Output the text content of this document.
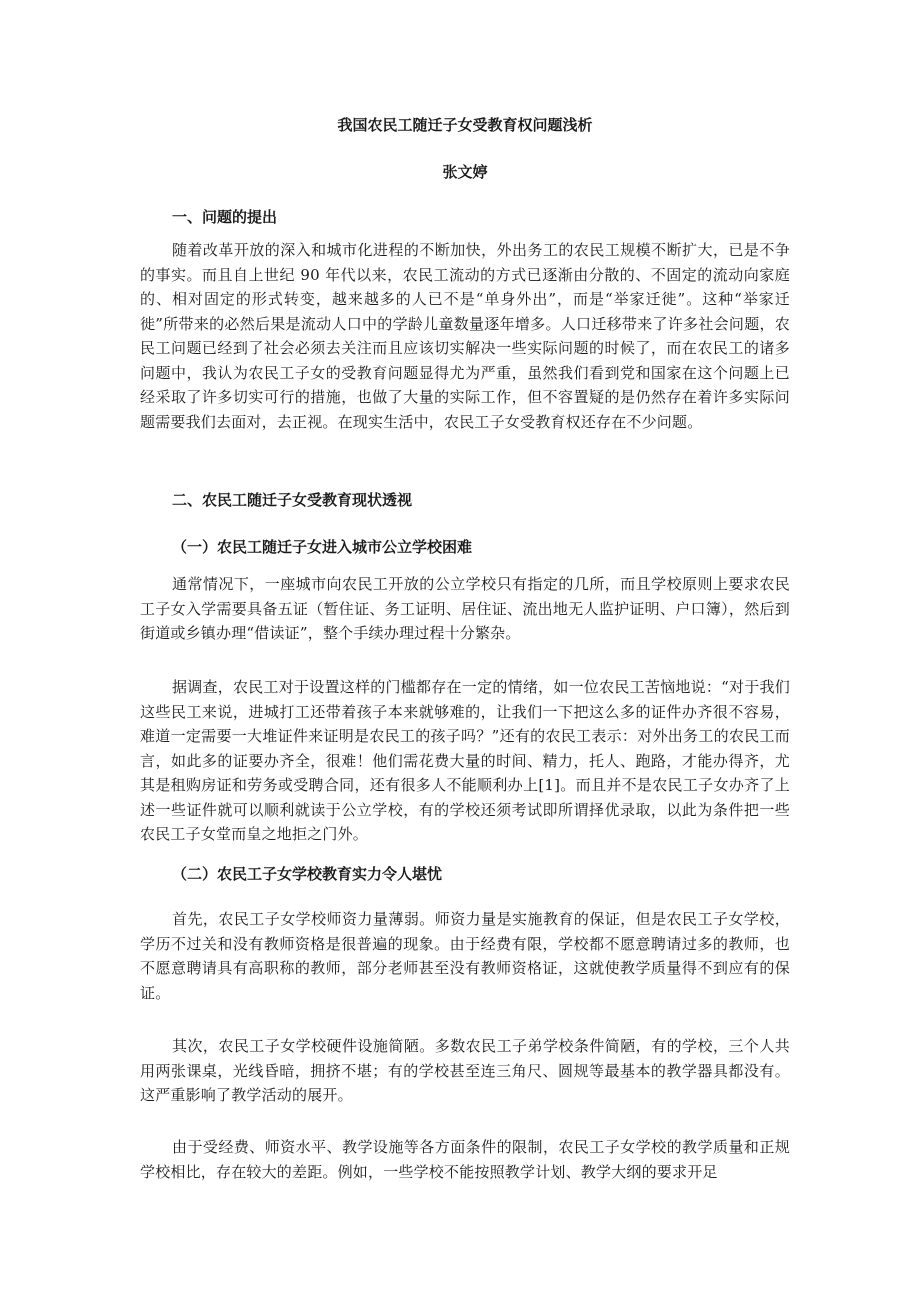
我国农民工随迁子女受教育权问题浅析
张文婷
一、问题的提出

随着改革开放的深入和城市化进程的不断加快，外出务工的农民工规模不断扩大，已是不争的事实。而且自上世纪 90 年代以来，农民工流动的方式已逐渐由分散的、不固定的流动向家庭的、相对固定的形式转变，越来越多的人已不是“单身外出”，而是“举家迁徙”。这种“举家迁徙”所带来的必然后果是流动人口中的学龄儿童数量逐年增多。人口迁移带来了许多社会问题，农民工问题已经到了社会必须去关注而且应该切实解决一些实际问题的时候了，而在农民工的诸多问题中，我认为农民工子女的受教育问题显得尤为严重，虽然我们看到党和国家在这个问题上已经采取了许多切实可行的措施，也做了大量的实际工作，但不容置疑的是仍然存在着许多实际问题需要我们去面对，去正视。在现实生活中，农民工子女受教育权还存在不少问题。

二、农民工随迁子女受教育现状透视
（一）农民工随迁子女进入城市公立学校困难

通常情况下，一座城市向农民工开放的公立学校只有指定的几所，而且学校原则上要求农民工子女入学需要具备五证（暂住证、务工证明、居住证、流出地无人监护证明、户口簿），然后到街道或乡镇办理“借读证”，整个手续办理过程十分繁杂。

据调查，农民工对于设置这样的门槛都存在一定的情绪，如一位农民工苦恼地说：“对于我们这些民工来说，进城打工还带着孩子本来就够难的，让我们一下把这么多的证件办齐很不容易，难道一定需要一大堆证件来证明是农民工的孩子吗？”还有的农民工表示：对外出务工的农民工而言，如此多的证要办齐全，很难！他们需花费大量的时间、精力，托人、跑路，才能办得齐，尤其是租购房证和劳务或受聘合同，还有很多人不能顺利办上[1]。而且并不是农民工子女办齐了上述一些证件就可以顺利就读于公立学校，有的学校还须考试即所谓择优录取，以此为条件把一些农民工子女堂而皇之地拒之门外。

（二）农民工子女学校教育实力令人堪忧

首先，农民工子女学校师资力量薄弱。师资力量是实施教育的保证，但是农民工子女学校，学历不过关和没有教师资格是很普遍的现象。由于经费有限，学校都不愿意聘请过多的教师，也不愿意聘请具有高职称的教师，部分老师甚至没有教师资格证，这就使教学质量得不到应有的保证。

其次，农民工子女学校硬件设施简陋。多数农民工子弟学校条件简陋，有的学校，三个人共用两张课桌，光线昏暗，拥挤不堪；有的学校甚至连三角尺、圆规等最基本的教学器具都没有。这严重影响了教学活动的展开。

由于受经费、师资水平、教学设施等各方面条件的限制，农民工子女学校的教学质量和正规学校相比，存在较大的差距。例如，一些学校不能按照教学计划、教学大纲的要求开足
